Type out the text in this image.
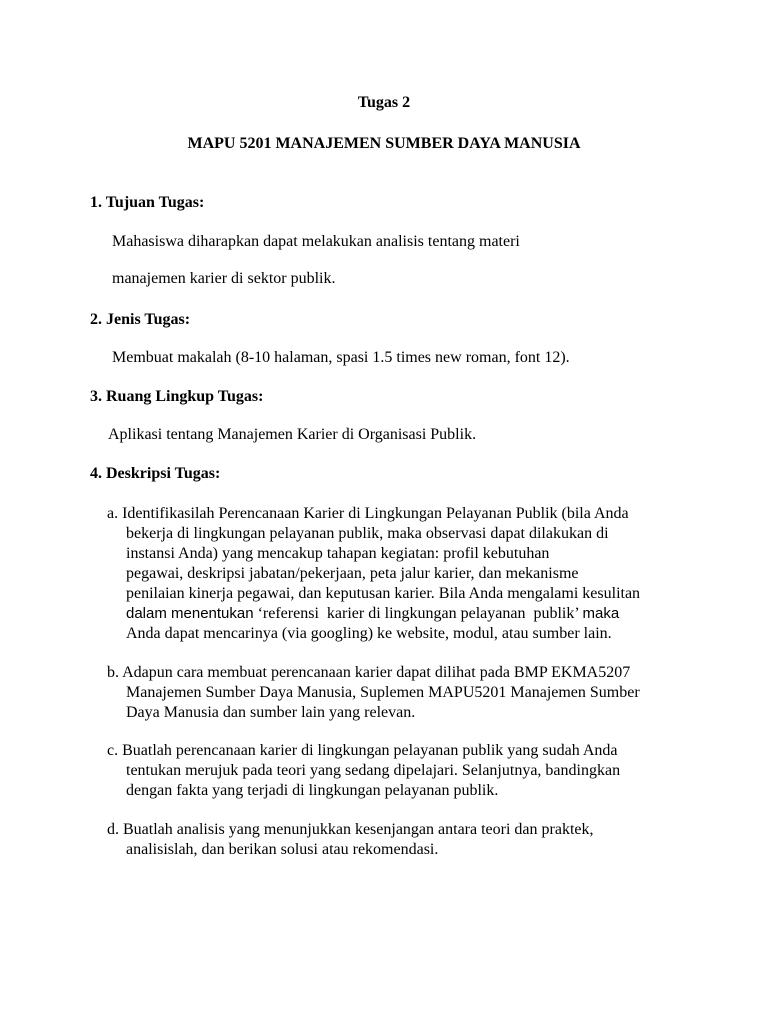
Tugas 2
MAPU 5201 MANAJEMEN SUMBER DAYA MANUSIA
1. Tujuan Tugas:
Mahasiswa diharapkan dapat melakukan analisis tentang materi
manajemen karier di sektor publik.
2. Jenis Tugas:
Membuat makalah (8-10 halaman, spasi 1.5 times new roman, font 12).
3. Ruang Lingkup Tugas:
Aplikasi tentang Manajemen Karier di Organisasi Publik.
4. Deskripsi Tugas:
a. Identifikasilah Perencanaan Karier di Lingkungan Pelayanan Publik (bila Anda
bekerja di lingkungan pelayanan publik, maka observasi dapat dilakukan di
instansi Anda) yang mencakup tahapan kegiatan: profil kebutuhan
pegawai, deskripsi jabatan/pekerjaan, peta jalur karier, dan mekanisme
penilaian kinerja pegawai, dan keputusan karier. Bila Anda mengalami kesulitan
dalam menentukan ‘referensi  karier di lingkungan pelayanan  publik’ maka
Anda dapat mencarinya (via googling) ke website, modul, atau sumber lain.
b. Adapun cara membuat perencanaan karier dapat dilihat pada BMP EKMA5207
Manajemen Sumber Daya Manusia, Suplemen MAPU5201 Manajemen Sumber
Daya Manusia dan sumber lain yang relevan.
c. Buatlah perencanaan karier di lingkungan pelayanan publik yang sudah Anda
tentukan merujuk pada teori yang sedang dipelajari. Selanjutnya, bandingkan
dengan fakta yang terjadi di lingkungan pelayanan publik.
d. Buatlah analisis yang menunjukkan kesenjangan antara teori dan praktek,
analisislah, dan berikan solusi atau rekomendasi.
